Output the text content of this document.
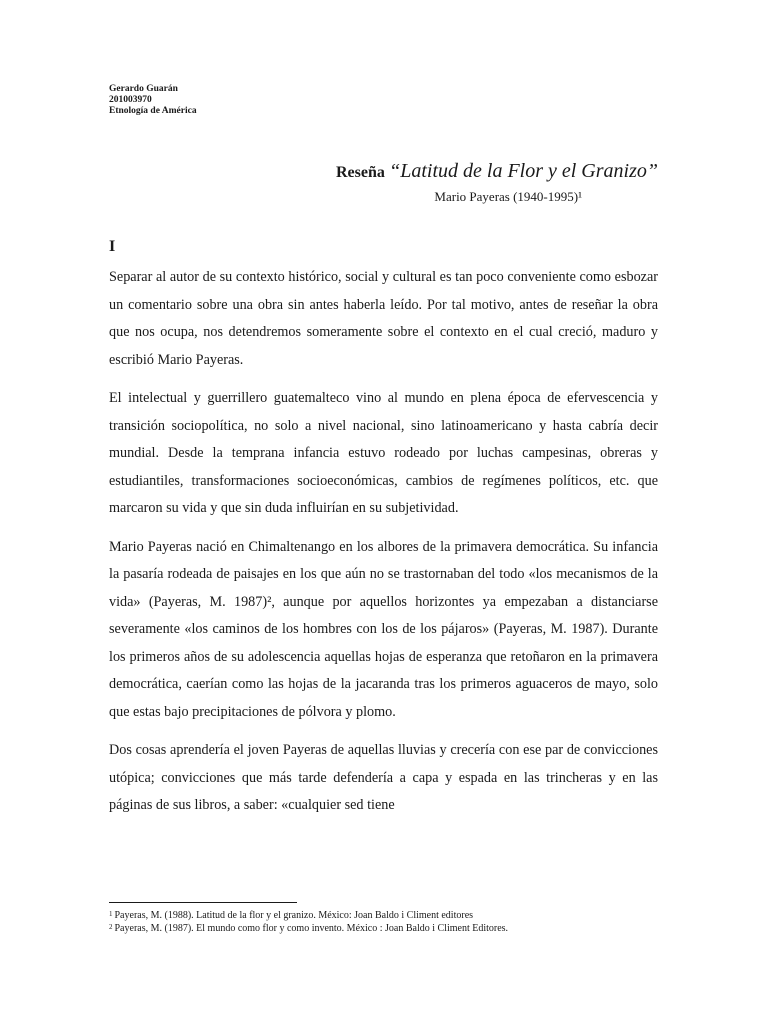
Gerardo Guarán
201003970
Etnología de América
Reseña “Latitud de la Flor y el Granizo”
Mario Payeras (1940-1995)¹
I

Separar al autor de su contexto histórico, social y cultural es tan poco conveniente como esbozar un comentario sobre una obra sin antes haberla leído. Por tal motivo, antes de reseñar la obra que nos ocupa, nos detendremos someramente sobre el contexto en el cual creció, maduro y escribió Mario Payeras.

El intelectual y guerrillero guatemalteco vino al mundo en plena época de efervescencia y transición sociopolítica, no solo a nivel nacional, sino latinoamericano y hasta cabría decir mundial. Desde la temprana infancia estuvo rodeado por luchas campesinas, obreras y estudiantiles, transformaciones socioeconómicas, cambios de regímenes políticos, etc. que marcaron su vida y que sin duda influirían en su subjetividad.

Mario Payeras nació en Chimaltenango en los albores de la primavera democrática. Su infancia la pasaría rodeada de paisajes en los que aún no se trastornaban del todo «los mecanismos de la vida» (Payeras, M. 1987)², aunque por aquellos horizontes ya empezaban a distanciarse severamente «los caminos de los hombres con los de los pájaros» (Payeras, M. 1987). Durante los primeros años de su adolescencia aquellas hojas de esperanza que retoñaron en la primavera democrática, caerían como las hojas de la jacaranda tras los primeros aguaceros de mayo, solo que estas bajo precipitaciones de pólvora y plomo.

Dos cosas aprendería el joven Payeras de aquellas lluvias y crecería con ese par de convicciones utópica; convicciones que más tarde defendería a capa y espada en las trincheras y en las páginas de sus libros, a saber: «cualquier sed tiene

$^1$ Payeras, M. (1988). Latitud de la flor y el granizo. México: Joan Baldo i Climent editores
$^2$ Payeras, M. (1987). El mundo como flor y como invento. México : Joan Baldo i Climent Editores.
